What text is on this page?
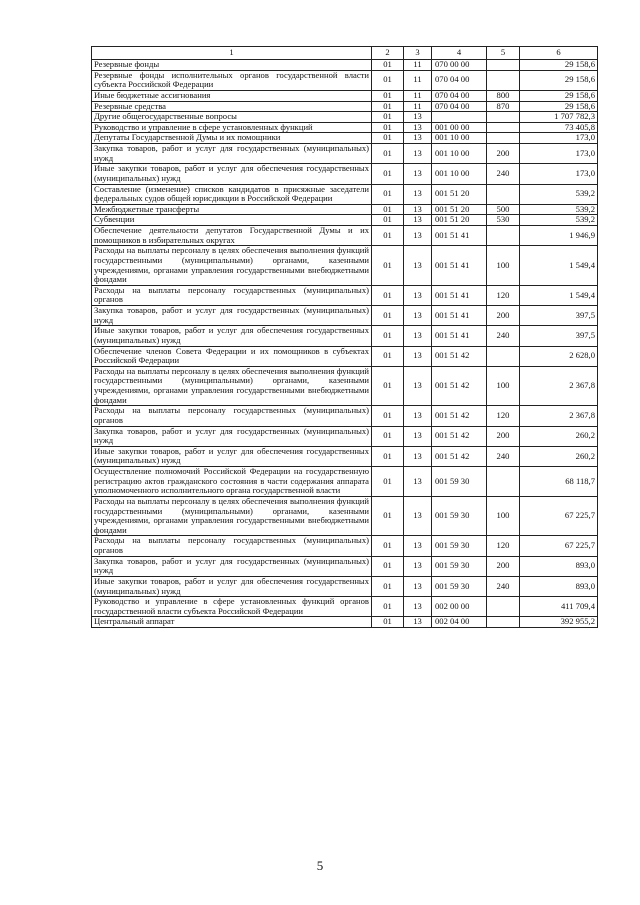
1	2	3	4	5	6
Резервные фонды	01	11	070 00 00		29 158,6
Резервные фонды исполнительных органов государственной власти субъекта Российской Федерации	01	11	070 04 00		29 158,6
Иные бюджетные ассигнования	01	11	070 04 00	800	29 158,6
Резервные средства	01	11	070 04 00	870	29 158,6
Другие общегосударственные вопросы	01	13			1 707 782,3
Руководство и управление в сфере установленных функций	01	13	001 00 00		73 405,8
Депутаты Государственной Думы и их помощники	01	13	001 10 00		173,0
Закупка товаров, работ и услуг для государственных (муниципальных) нужд	01	13	001 10 00	200	173,0
Иные закупки товаров, работ и услуг для обеспечения государственных (муниципальных) нужд	01	13	001 10 00	240	173,0
Составление (изменение) списков кандидатов в присяжные заседатели федеральных судов общей юрисдикции в Российской Федерации	01	13	001 51 20		539,2
Межбюджетные трансферты	01	13	001 51 20	500	539,2
Субвенции	01	13	001 51 20	530	539,2
Обеспечение деятельности депутатов Государственной Думы и их помощников в избирательных округах	01	13	001 51 41		1 946,9
Расходы на выплаты персоналу в целях обеспечения выполнения функций государственными (муниципальными) органами, казенными учреждениями, органами управления государственными внебюджетными фондами	01	13	001 51 41	100	1 549,4
Расходы на выплаты персоналу государственных (муниципальных) органов	01	13	001 51 41	120	1 549,4
Закупка товаров, работ и услуг для государственных (муниципальных) нужд	01	13	001 51 41	200	397,5
Иные закупки товаров, работ и услуг для обеспечения государственных (муниципальных) нужд	01	13	001 51 41	240	397,5
Обеспечение членов Совета Федерации и их помощников в субъектах Российской Федерации	01	13	001 51 42		2 628,0
Расходы на выплаты персоналу в целях обеспечения выполнения функций государственными (муниципальными) органами, казенными учреждениями, органами управления государственными внебюджетными фондами	01	13	001 51 42	100	2 367,8
Расходы на выплаты персоналу государственных (муниципальных) органов	01	13	001 51 42	120	2 367,8
Закупка товаров, работ и услуг для государственных (муниципальных) нужд	01	13	001 51 42	200	260,2
Иные закупки товаров, работ и услуг для обеспечения государственных (муниципальных) нужд	01	13	001 51 42	240	260,2
Осуществление полномочий Российской Федерации на государственную регистрацию актов гражданского состояния в части содержания аппарата уполномоченного исполнительного органа государственной власти	01	13	001 59 30		68 118,7
Расходы на выплаты персоналу в целях обеспечения выполнения функций государственными (муниципальными) органами, казенными учреждениями, органами управления государственными внебюджетными фондами	01	13	001 59 30	100	67 225,7
Расходы на выплаты персоналу государственных (муниципальных) органов	01	13	001 59 30	120	67 225,7
Закупка товаров, работ и услуг для государственных (муниципальных) нужд	01	13	001 59 30	200	893,0
Иные закупки товаров, работ и услуг для обеспечения государственных (муниципальных) нужд	01	13	001 59 30	240	893,0
Руководство и управление в сфере установленных функций органов государственной власти субъекта Российской Федерации	01	13	002 00 00		411 709,4
Центральный аппарат	01	13	002 04 00		392 955,2
5
